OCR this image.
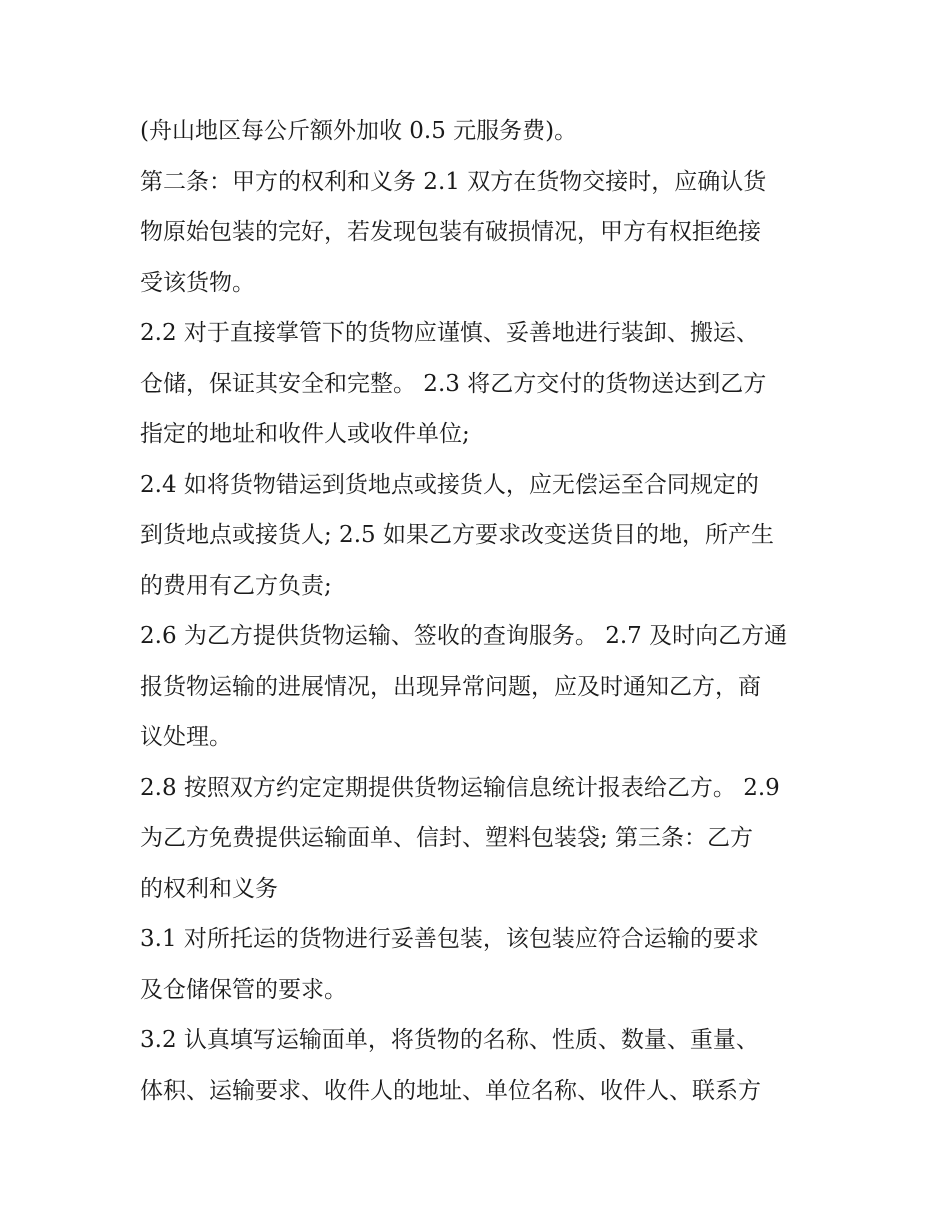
(舟山地区每公斤额外加收 0.5 元服务费)。
第二条：甲方的权利和义务 2.1 双方在货物交接时，应确认货
物原始包装的完好，若发现包装有破损情况，甲方有权拒绝接
受该货物。
2.2 对于直接掌管下的货物应谨慎、妥善地进行装卸、搬运、
仓储，保证其安全和完整。 2.3 将乙方交付的货物送达到乙方
指定的地址和收件人或收件单位;
2.4 如将货物错运到货地点或接货人，应无偿运至合同规定的
到货地点或接货人; 2.5 如果乙方要求改变送货目的地，所产生
的费用有乙方负责;
2.6 为乙方提供货物运输、签收的查询服务。 2.7 及时向乙方通
报货物运输的进展情况，出现异常问题，应及时通知乙方，商
议处理。
2.8 按照双方约定定期提供货物运输信息统计报表给乙方。 2.9
为乙方免费提供运输面单、信封、塑料包装袋; 第三条：乙方
的权利和义务
3.1 对所托运的货物进行妥善包装，该包装应符合运输的要求
及仓储保管的要求。
3.2 认真填写运输面单，将货物的名称、性质、数量、重量、
体积、运输要求、收件人的地址、单位名称、收件人、联系方
